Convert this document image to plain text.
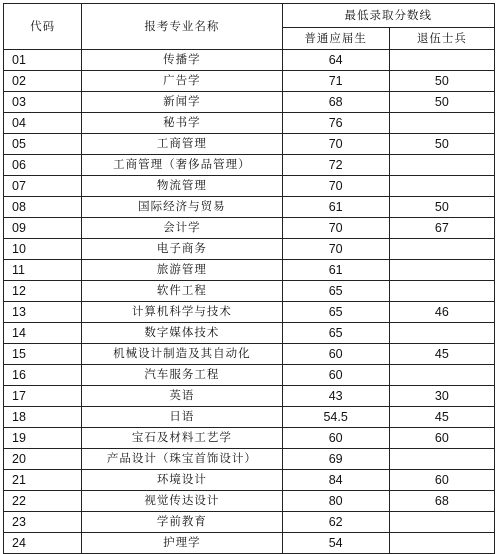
代码	报考专业名称	最低录取分数线	
		普通应届生	退伍士兵
01	传播学	64	
02	广告学	71	50
03	新闻学	68	50
04	秘书学	76	
05	工商管理	70	50
06	工商管理（奢侈品管理）	72	
07	物流管理	70	
08	国际经济与贸易	61	50
09	会计学	70	67
10	电子商务	70	
11	旅游管理	61	
12	软件工程	65	
13	计算机科学与技术	65	46
14	数字媒体技术	65	
15	机械设计制造及其自动化	60	45
16	汽车服务工程	60	
17	英语	43	30
18	日语	54.5	45
19	宝石及材料工艺学	60	60
20	产品设计（珠宝首饰设计）	69	
21	环境设计	84	60
22	视觉传达设计	80	68
23	学前教育	62	
24	护理学	54	
